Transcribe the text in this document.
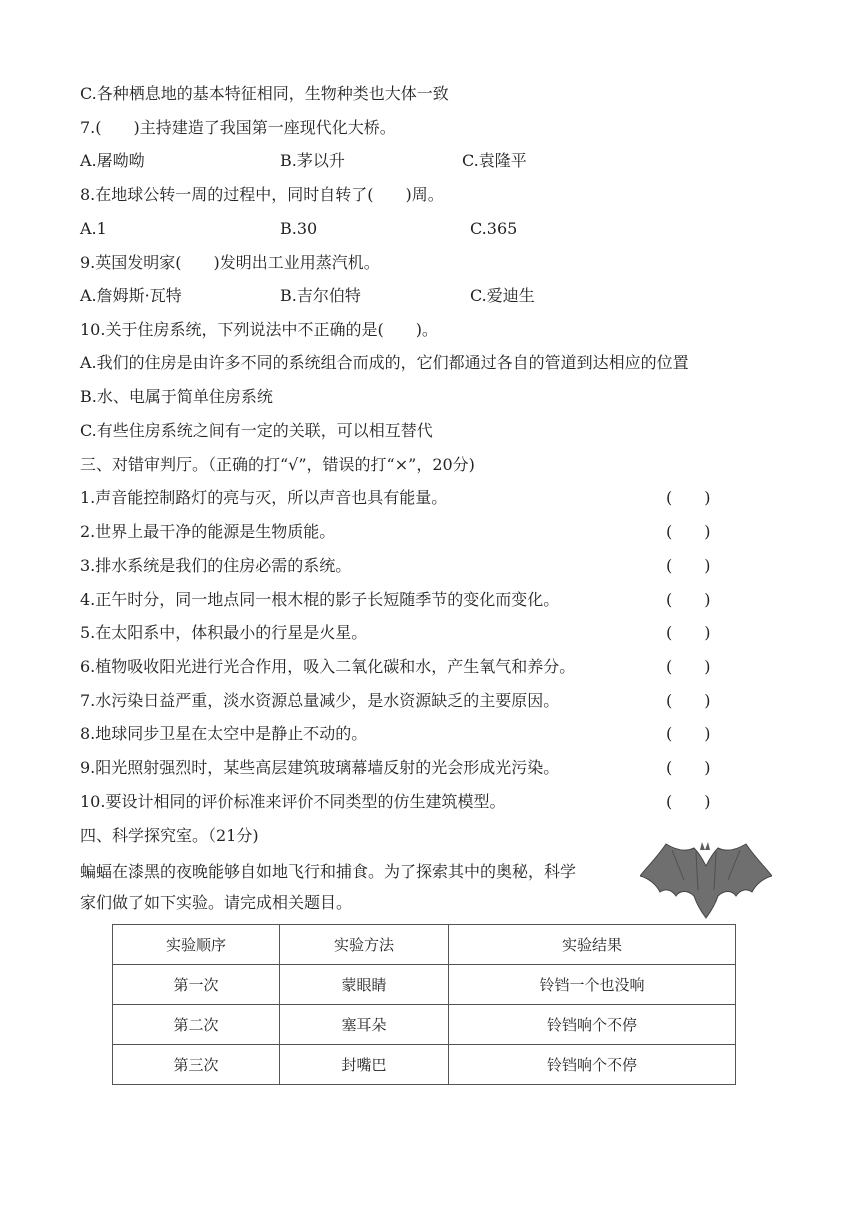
C.各种栖息地的基本特征相同，生物种类也大体一致
7.(　　)主持建造了我国第一座现代化大桥。
A.屠呦呦	B.茅以升	C.袁隆平
8.在地球公转一周的过程中，同时自转了(　　)周。
A.1	B.30	C.365
9.英国发明家(　　)发明出工业用蒸汽机。
A.詹姆斯·瓦特	B.吉尔伯特	C.爱迪生
10.关于住房系统，下列说法中不正确的是(　　)。
A.我们的住房是由许多不同的系统组合而成的，它们都通过各自的管道到达相应的位置
B.水、电属于简单住房系统
C.有些住房系统之间有一定的关联，可以相互替代
三、对错审判厅。（正确的打“√”，错误的打“×”，20分)
1.声音能控制路灯的亮与灭，所以声音也具有能量。	(　　)
2.世界上最干净的能源是生物质能。	(　　)
3.排水系统是我们的住房必需的系统。	(　　)
4.正午时分，同一地点同一根木棍的影子长短随季节的变化而变化。	(　　)
5.在太阳系中，体积最小的行星是火星。	(　　)
6.植物吸收阳光进行光合作用，吸入二氧化碳和水，产生氧气和养分。	(　　)
7.水污染日益严重，淡水资源总量减少，是水资源缺乏的主要原因。	(　　)
8.地球同步卫星在太空中是静止不动的。	(　　)
9.阳光照射强烈时，某些高层建筑玻璃幕墙反射的光会形成光污染。	(　　)
10.要设计相同的评价标准来评价不同类型的仿生建筑模型。	(　　)
四、科学探究室。（21分)
蝙蝠在漆黑的夜晚能够自如地飞行和捕食。为了探索其中的奥秘，科学
家们做了如下实验。请完成相关题目。
实验顺序	实验方法	实验结果
第一次	蒙眼睛	铃铛一个也没响
第二次	塞耳朵	铃铛响个不停
第三次	封嘴巴	铃铛响个不停
